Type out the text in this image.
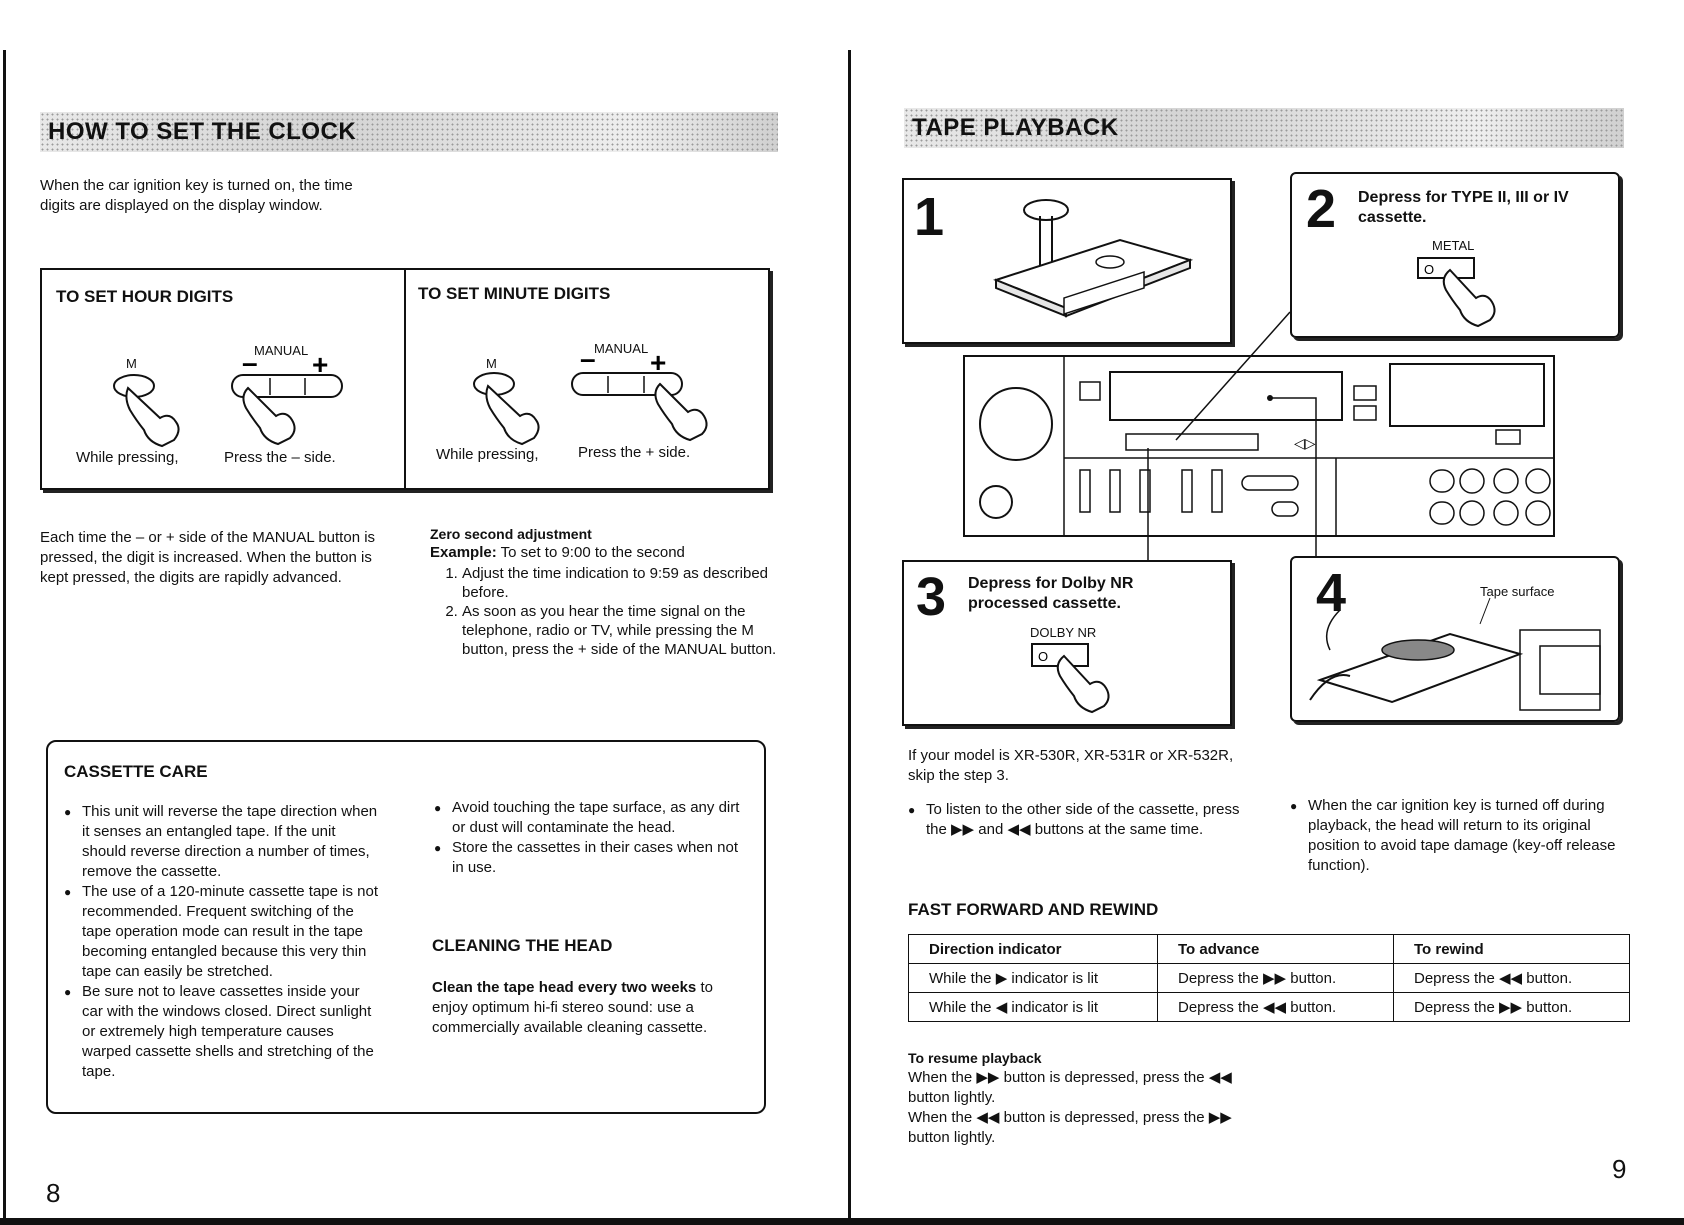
HOW TO SET THE CLOCK
When the car ignition key is turned on, the time digits are displayed on the display window.
TO SET HOUR DIGITS	TO SET MINUTE DIGITS
M
MANUAL
– +
While pressing,	Press the – side.
M
MANUAL
– +
While pressing,	Press the + side.
Each time the – or + side of the MANUAL button is pressed, the digit is increased. When the button is kept pressed, the digits are rapidly advanced.
Zero second adjustment
Example: To set to 9:00 to the second
1. Adjust the time indication to 9:59 as described before.
2. As soon as you hear the time signal on the telephone, radio or TV, while pressing the M button, press the + side of the MANUAL button.
CASSETTE CARE
● This unit will reverse the tape direction when it senses an entangled tape. If the unit should reverse direction a number of times, remove the cassette.
● The use of a 120-minute cassette tape is not recommended. Frequent switching of the tape operation mode can result in the tape becoming entangled because this very thin tape can easily be stretched.
● Be sure not to leave cassettes inside your car with the windows closed. Direct sunlight or extremely high temperature causes warped cassette shells and stretching of the tape.
● Avoid touching the tape surface, as any dirt or dust will contaminate the head.
● Store the cassettes in their cases when not in use.
CLEANING THE HEAD
Clean the tape head every two weeks to enjoy optimum hi-fi stereo sound: use a commercially available cleaning cassette.
8
TAPE PLAYBACK
1	2 Depress for TYPE II, III or IV cassette.
METAL
O
◁▷
3 Depress for Dolby NR processed cassette.
DOLBY NR
O
4	Tape surface
If your model is XR-530R, XR-531R or XR-532R, skip the step 3.
● To listen to the other side of the cassette, press the ▶▶ and ◀◀ buttons at the same time.
● When the car ignition key is turned off during playback, the head will return to its original position to avoid tape damage (key-off release function).
FAST FORWARD AND REWIND
Direction indicator	To advance	To rewind
While the ▶ indicator is lit	Depress the ▶▶ button.	Depress the ◀◀ button.
While the ◀ indicator is lit	Depress the ◀◀ button.	Depress the ▶▶ button.
To resume playback
When the ▶▶ button is depressed, press the ◀◀ button lightly.
When the ◀◀ button is depressed, press the ▶▶ button lightly.
9
